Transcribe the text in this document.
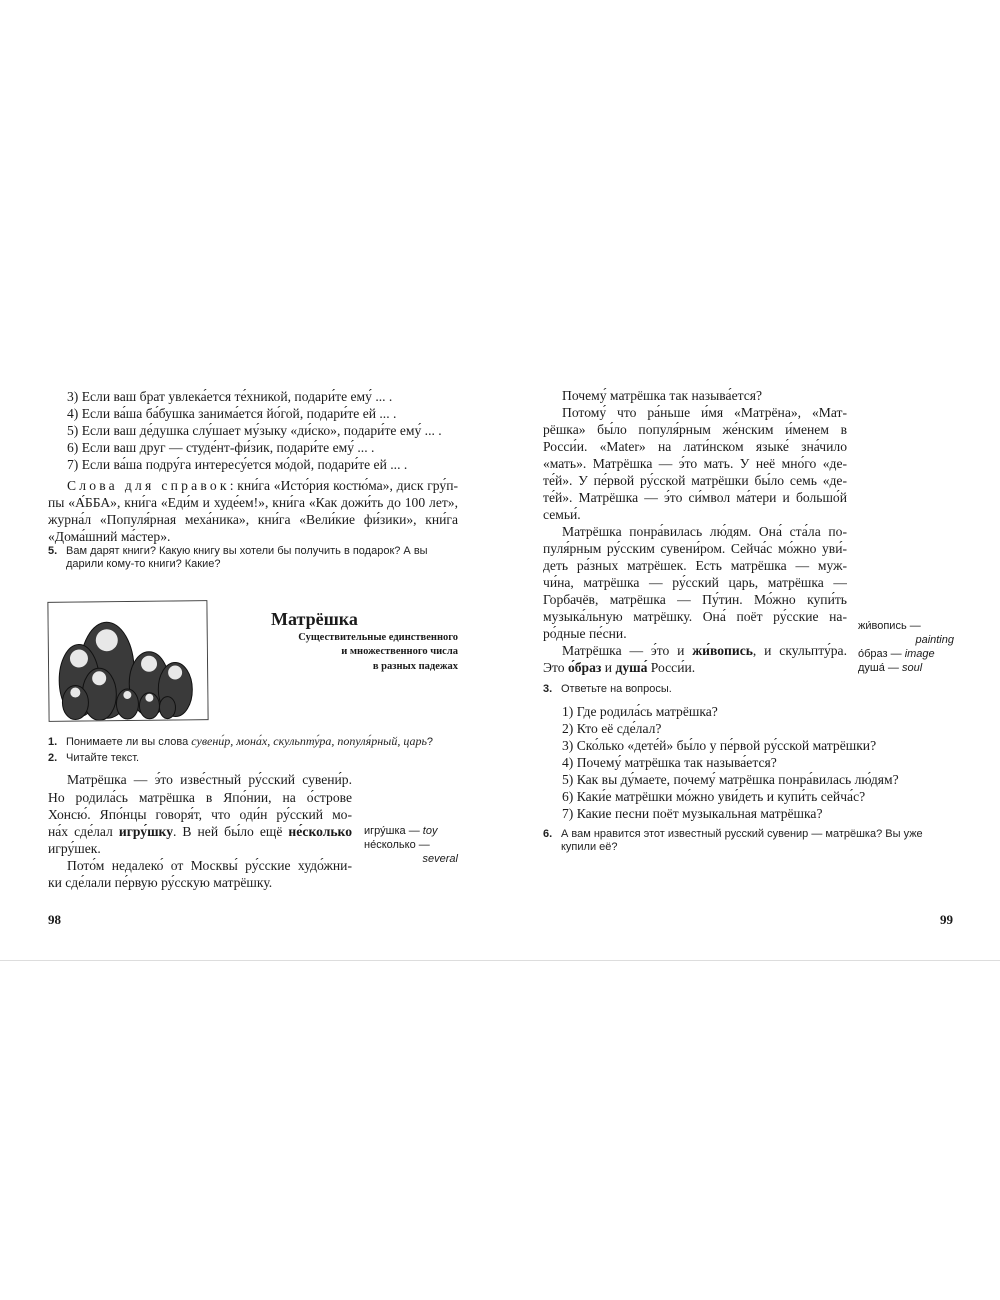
3) Если ваш брат увлека́ется те́хникой, подари́те ему́ ... .
4) Если ва́ша ба́бушка занима́ется йо́гой, подари́те ей ... .
5) Если ваш де́душка слу́шает му́зыку «ди́ско», подари́те ему́ ... .
6) Если ваш друг — студе́нт-фи́зик, подари́те ему́ ... .
7) Если ва́ша подру́га интересу́ется мо́дой, подари́те ей ... .
Слова для справок: кни́га «Исто́рия костю́ма», диск гру́п-
пы «А́ББА», кни́га «Еди́м и худе́ем!», кни́га «Как дожи́ть до 100 лет»,
журна́л «Популя́рная меха́ника», кни́га «Вели́кие фи́зики», кни́га
«Дома́шний ма́стер».
5. Вам дарят книги? Какую книгу вы хотели бы получить в подарок? А вы
дарили кому-то книги? Какие?
1. Понимаете ли вы слова сувени́р, мона́х, скульпту́ра, популя́рный, царь?
2. Читайте текст.
Матрёшка — э́то изве́стный ру́сский сувени́р.
Но родила́сь матрёшка в Япо́нии, на о́строве
Хонсю́. Япо́нцы говоря́т, что оди́н ру́сский мо-
на́х сде́лал игру́шку. В ней бы́ло ещё не́сколько
игру́шек.
Пото́м недалеко́ от Москвы́ ру́сские худо́жни-
ки сде́лали пе́рвую ру́сскую матрёшку.
игру́шка — toy
не́сколько —
several
Почему́ матрёшка так называ́ется?
Потому́ что ра́ньше и́мя «Матрёна», «Мат-
рёшка» бы́ло популя́рным же́нским и́менем в
Росси́и. «Mater» на лати́нском языке́ зна́чило
«мать». Матрёшка — э́то мать. У неё мно́го «де-
те́й». У пе́рвой ру́сской матрёшки бы́ло семь «де-
те́й». Матрёшка — э́то си́мвол ма́тери и большо́й
семьи́.
Матрёшка понра́вилась лю́дям. Она́ ста́ла по-
пуля́рным ру́сским сувени́ром. Сейча́с мо́жно уви́-
деть ра́зных матрёшек. Есть матрёшка — муж-
чи́на, матрёшка — ру́сский царь, матрёшка —
Горбачёв, матрёшка — Пу́тин. Мо́жно купи́ть
музыка́льную матрёшку. Она́ поёт ру́сские на-
ро́дные пе́сни.
Матрёшка — э́то и жи́вопись, и скульпту́ра.
Это о́браз и душа́ Росси́и.
жи́вопись —
painting
о́браз — image
душа́ — soul
3. Ответьте на вопросы.
1) Где родила́сь матрёшка?
2) Кто её сде́лал?
3) Ско́лько «дете́й» бы́ло у пе́рвой ру́сской матрёшки?
4) Почему́ матрёшка так называ́ется?
5) Как вы ду́маете, почему́ матрёшка понра́вилась лю́дям?
6) Каки́е матрёшки мо́жно уви́деть и купи́ть сейча́с?
7) Какие песни поёт музыкальная матрёшка?
6. А вам нравится этот известный русский сувенир — матрёшка? Вы уже
купили её?
Матрёшка
Существительные единственного
и множественного числа
в разных падежах
98	99
